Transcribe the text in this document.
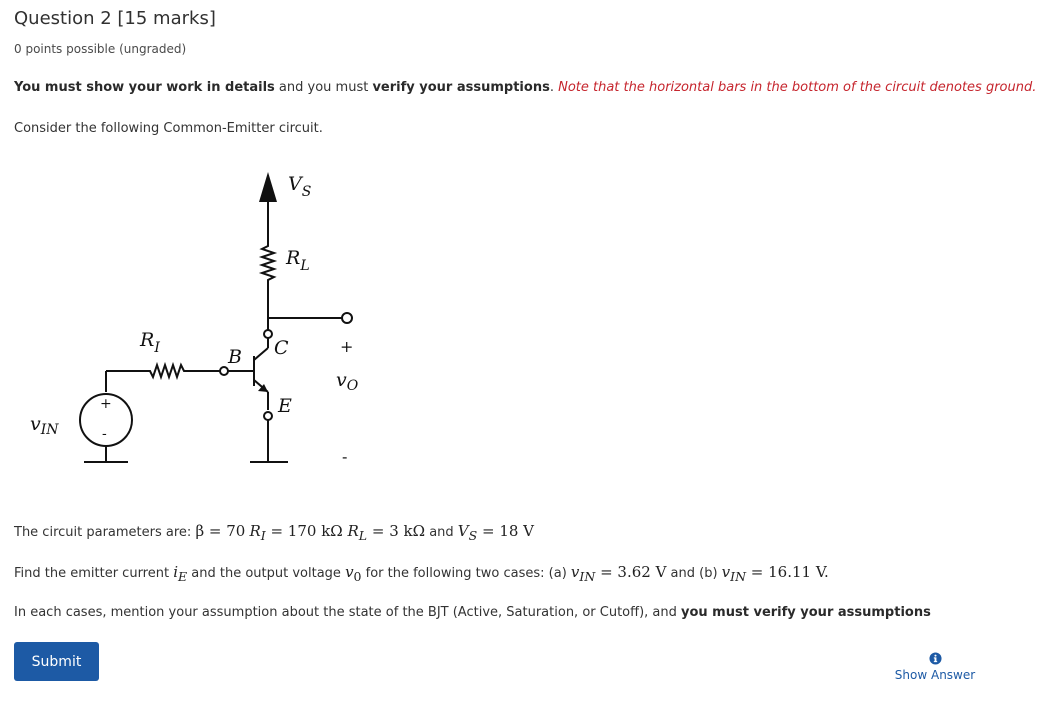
Question 2 [15 marks]
0 points possible (ungraded)
You must show your work in details and you must verify your assumptions. Note that the horizontal bars in the bottom of the circuit denotes ground.
Consider the following Common-Emitter circuit.
$V_S$
$R_L$
$R_I$	B C
E
+
$v_O$
-
+
-
$v_{IN}$
The circuit parameters are: β = 70 $R_I = 170$ kΩ $R_L = 3$ kΩ and $V_S = 18$ V
Find the emitter current $i_E$ and the output voltage $v_0$ for the following two cases: (a) $v_{IN} = 3.62$ V and (b) $v_{IN} = 16.11$ V.
In each cases, mention your assumption about the state of the BJT (Active, Saturation, or Cutoff), and you must verify your assumptions
Submit
Show Answer
